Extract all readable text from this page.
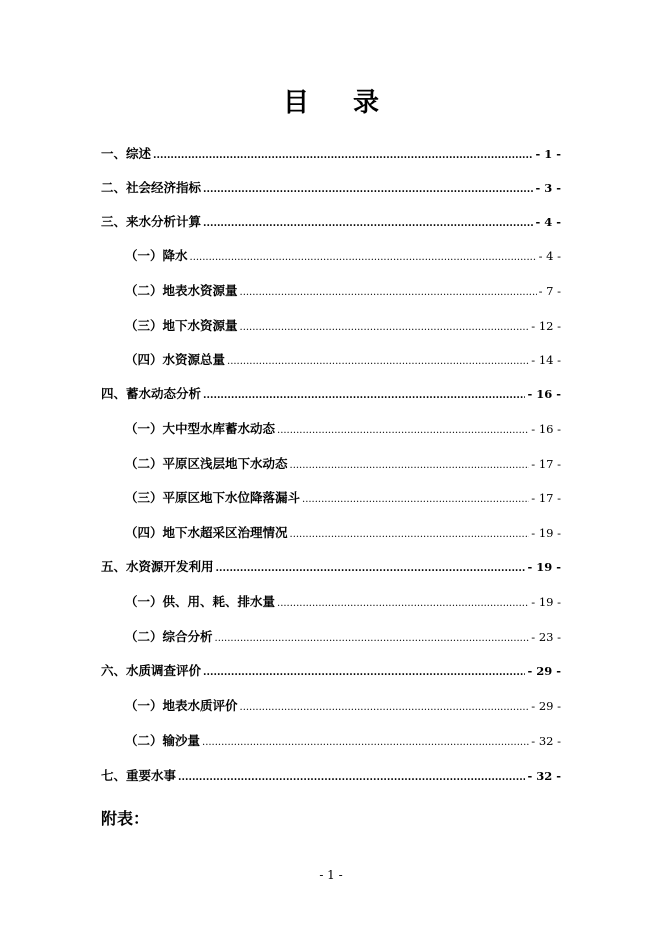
目 录
一、综述 .....	- 1 -
二、社会经济指标 .....	- 3 -
三、来水分析计算 .....	- 4 -
（一）降水 .....	- 4 -
（二）地表水资源量 .....	- 7 -
（三）地下水资源量 .....	- 12 -
（四）水资源总量 .....	- 14 -
四、蓄水动态分析 .....	- 16 -
（一）大中型水库蓄水动态 .....	- 16 -
（二）平原区浅层地下水动态 .....	- 17 -
（三）平原区地下水位降落漏斗 .....	- 17 -
（四）地下水超采区治理情况 .....	- 19 -
五、水资源开发利用 .....	- 19 -
（一）供、用、耗、排水量 .....	- 19 -
（二）综合分析 .....	- 23 -
六、水质调查评价 .....	- 29 -
（一）地表水质评价 .....	- 29 -
（二）输沙量 .....	- 32 -
七、重要水事 .....	- 32 -
附表：
- 1 -
